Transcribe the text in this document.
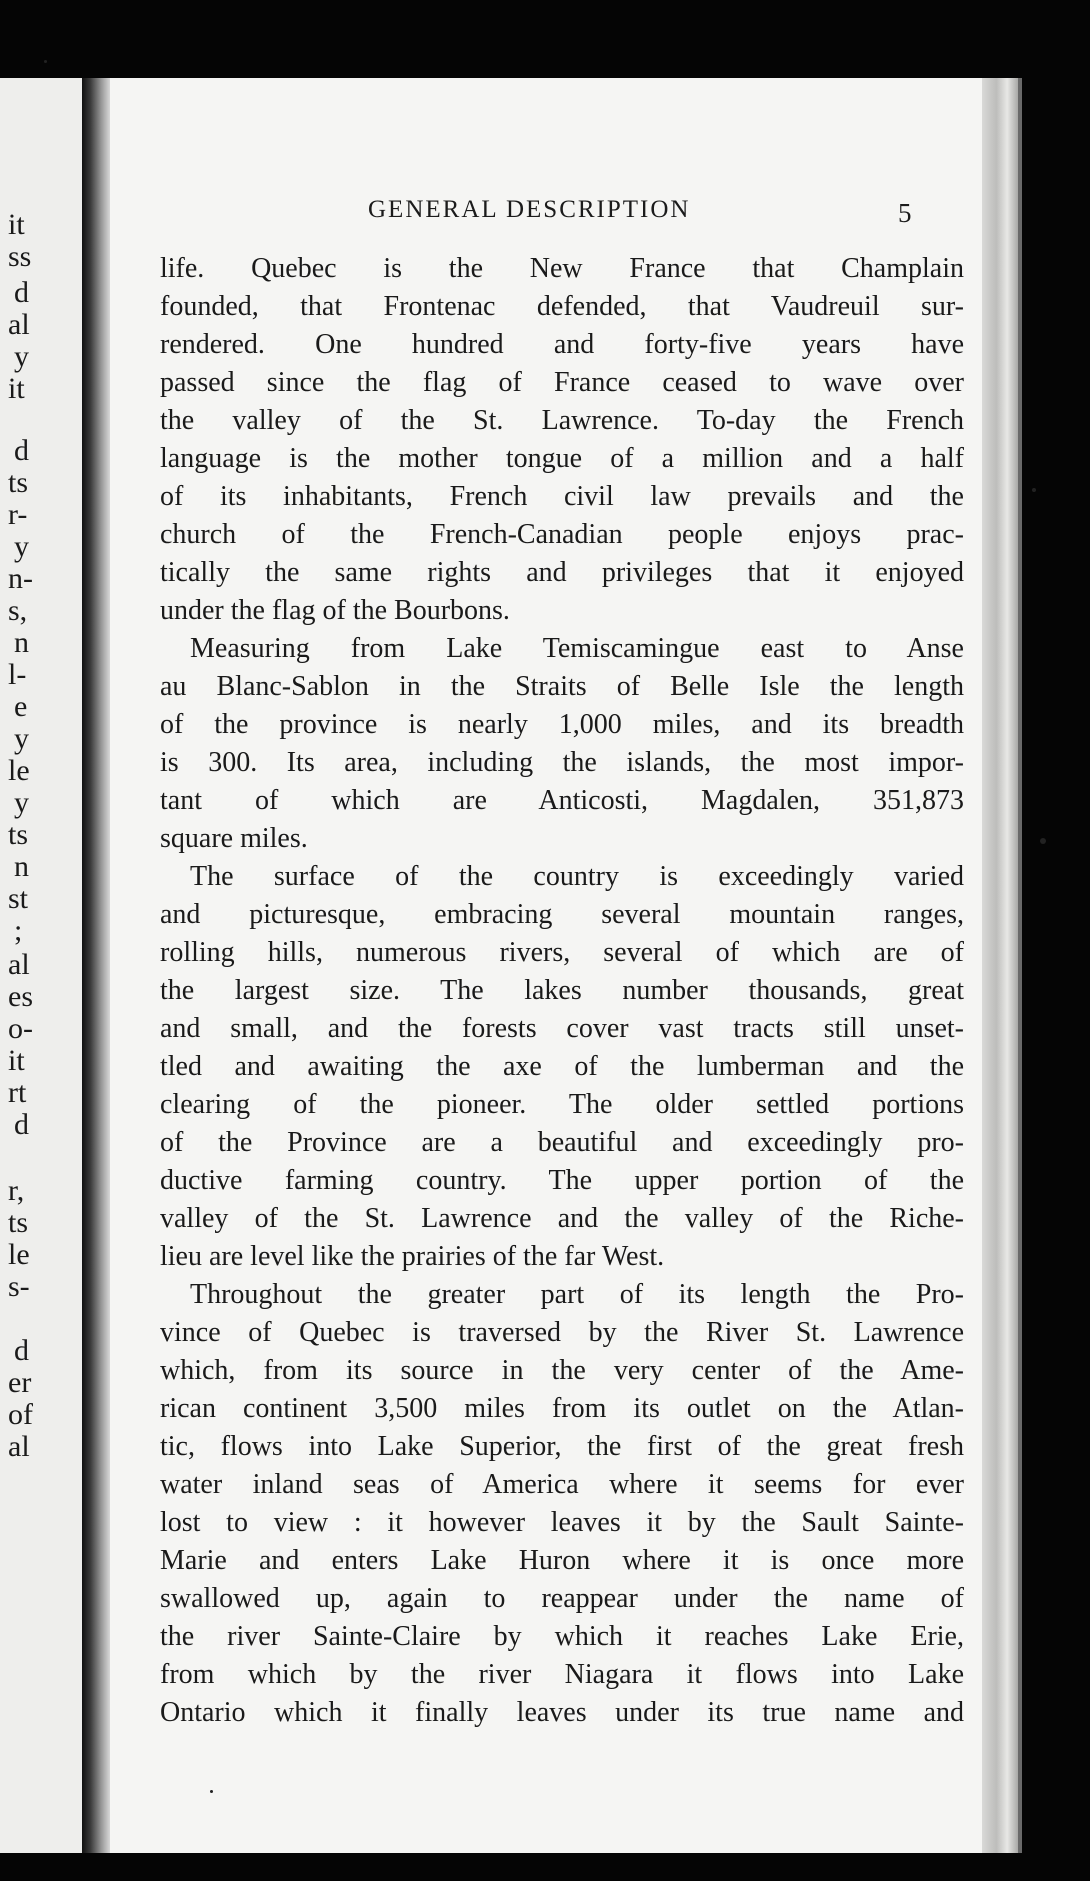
it
ss
d
al
y
it
d
ts
r-
y
n-
s,
n
l-
e
y
le
y
ts
n
st
;
al
es
o-
it
rt
d
r,
ts
le
s-
d
er
of
al
GENERAL DESCRIPTION	5
life. Quebec is the New France that Champlain
founded, that Frontenac defended, that Vaudreuil sur-
rendered. One hundred and forty-five years have
passed since the flag of France ceased to wave over
the valley of the St. Lawrence. To-day the French
language is the mother tongue of a million and a half
of its inhabitants, French civil law prevails and the
church of the French-Canadian people enjoys prac-
tically the same rights and privileges that it enjoyed
under the flag of the Bourbons.
Measuring from Lake Temiscamingue east to Anse
au Blanc-Sablon in the Straits of Belle Isle the length
of the province is nearly 1,000 miles, and its breadth
is 300. Its area, including the islands, the most impor-
tant of which are Anticosti, Magdalen, 351,873
square miles.
The surface of the country is exceedingly varied
and picturesque, embracing several mountain ranges,
rolling hills, numerous rivers, several of which are of
the largest size. The lakes number thousands, great
and small, and the forests cover vast tracts still unset-
tled and awaiting the axe of the lumberman and the
clearing of the pioneer. The older settled portions
of the Province are a beautiful and exceedingly pro-
ductive farming country. The upper portion of the
valley of the St. Lawrence and the valley of the Riche-
lieu are level like the prairies of the far West.
Throughout the greater part of its length the Pro-
vince of Quebec is traversed by the River St. Lawrence
which, from its source in the very center of the Ame-
rican continent 3,500 miles from its outlet on the Atlan-
tic, flows into Lake Superior, the first of the great fresh
water inland seas of America where it seems for ever
lost to view : it however leaves it by the Sault Sainte-
Marie and enters Lake Huron where it is once more
swallowed up, again to reappear under the name of
the river Sainte-Claire by which it reaches Lake Erie,
from which by the river Niagara it flows into Lake
Ontario which it finally leaves under its true name and
